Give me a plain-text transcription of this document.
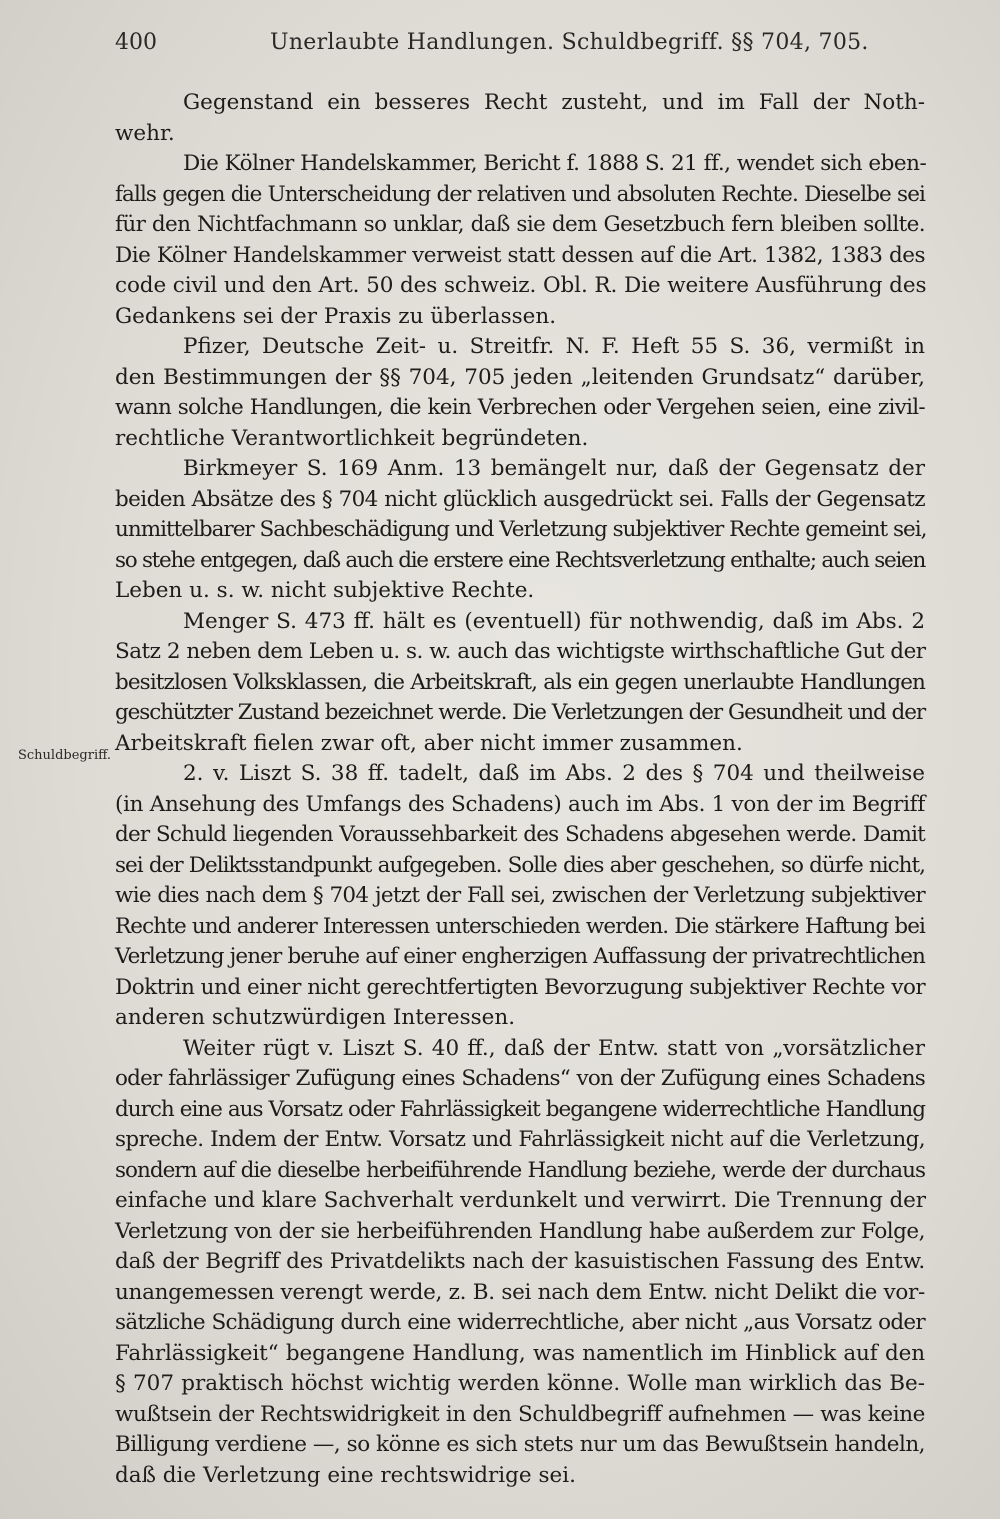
400	Unerlaubte Handlungen. Schuldbegriff. §§ 704, 705.
Schuldbegriff.
Gegenstand ein besseres Recht zusteht, und im Fall der Noth-
wehr.
Die Kölner Handelskammer, Bericht f. 1888 S. 21 ff., wendet sich eben-
falls gegen die Unterscheidung der relativen und absoluten Rechte. Dieselbe sei
für den Nichtfachmann so unklar, daß sie dem Gesetzbuch fern bleiben sollte.
Die Kölner Handelskammer verweist statt dessen auf die Art. 1382, 1383 des
code civil und den Art. 50 des schweiz. Obl. R. Die weitere Ausführung des
Gedankens sei der Praxis zu überlassen.
Pfizer, Deutsche Zeit- u. Streitfr. N. F. Heft 55 S. 36, vermißt in
den Bestimmungen der §§ 704, 705 jeden „leitenden Grundsatz“ darüber,
wann solche Handlungen, die kein Verbrechen oder Vergehen seien, eine zivil-
rechtliche Verantwortlichkeit begründeten.
Birkmeyer S. 169 Anm. 13 bemängelt nur, daß der Gegensatz der
beiden Absätze des § 704 nicht glücklich ausgedrückt sei. Falls der Gegensatz
unmittelbarer Sachbeschädigung und Verletzung subjektiver Rechte gemeint sei,
so stehe entgegen, daß auch die erstere eine Rechtsverletzung enthalte; auch seien
Leben u. s. w. nicht subjektive Rechte.
Menger S. 473 ff. hält es (eventuell) für nothwendig, daß im Abs. 2
Satz 2 neben dem Leben u. s. w. auch das wichtigste wirthschaftliche Gut der
besitzlosen Volksklassen, die Arbeitskraft, als ein gegen unerlaubte Handlungen
geschützter Zustand bezeichnet werde. Die Verletzungen der Gesundheit und der
Arbeitskraft fielen zwar oft, aber nicht immer zusammen.
2. v. Liszt S. 38 ff. tadelt, daß im Abs. 2 des § 704 und theilweise
(in Ansehung des Umfangs des Schadens) auch im Abs. 1 von der im Begriff
der Schuld liegenden Voraussehbarkeit des Schadens abgesehen werde. Damit
sei der Deliktsstandpunkt aufgegeben. Solle dies aber geschehen, so dürfe nicht,
wie dies nach dem § 704 jetzt der Fall sei, zwischen der Verletzung subjektiver
Rechte und anderer Interessen unterschieden werden. Die stärkere Haftung bei
Verletzung jener beruhe auf einer engherzigen Auffassung der privatrechtlichen
Doktrin und einer nicht gerechtfertigten Bevorzugung subjektiver Rechte vor
anderen schutzwürdigen Interessen.
Weiter rügt v. Liszt S. 40 ff., daß der Entw. statt von „vorsätzlicher
oder fahrlässiger Zufügung eines Schadens“ von der Zufügung eines Schadens
durch eine aus Vorsatz oder Fahrlässigkeit begangene widerrechtliche Handlung
spreche. Indem der Entw. Vorsatz und Fahrlässigkeit nicht auf die Verletzung,
sondern auf die dieselbe herbeiführende Handlung beziehe, werde der durchaus
einfache und klare Sachverhalt verdunkelt und verwirrt. Die Trennung der
Verletzung von der sie herbeiführenden Handlung habe außerdem zur Folge,
daß der Begriff des Privatdelikts nach der kasuistischen Fassung des Entw.
unangemessen verengt werde, z. B. sei nach dem Entw. nicht Delikt die vor-
sätzliche Schädigung durch eine widerrechtliche, aber nicht „aus Vorsatz oder
Fahrlässigkeit“ begangene Handlung, was namentlich im Hinblick auf den
§ 707 praktisch höchst wichtig werden könne. Wolle man wirklich das Be-
wußtsein der Rechtswidrigkeit in den Schuldbegriff aufnehmen — was keine
Billigung verdiene —, so könne es sich stets nur um das Bewußtsein handeln,
daß die Verletzung eine rechtswidrige sei.
